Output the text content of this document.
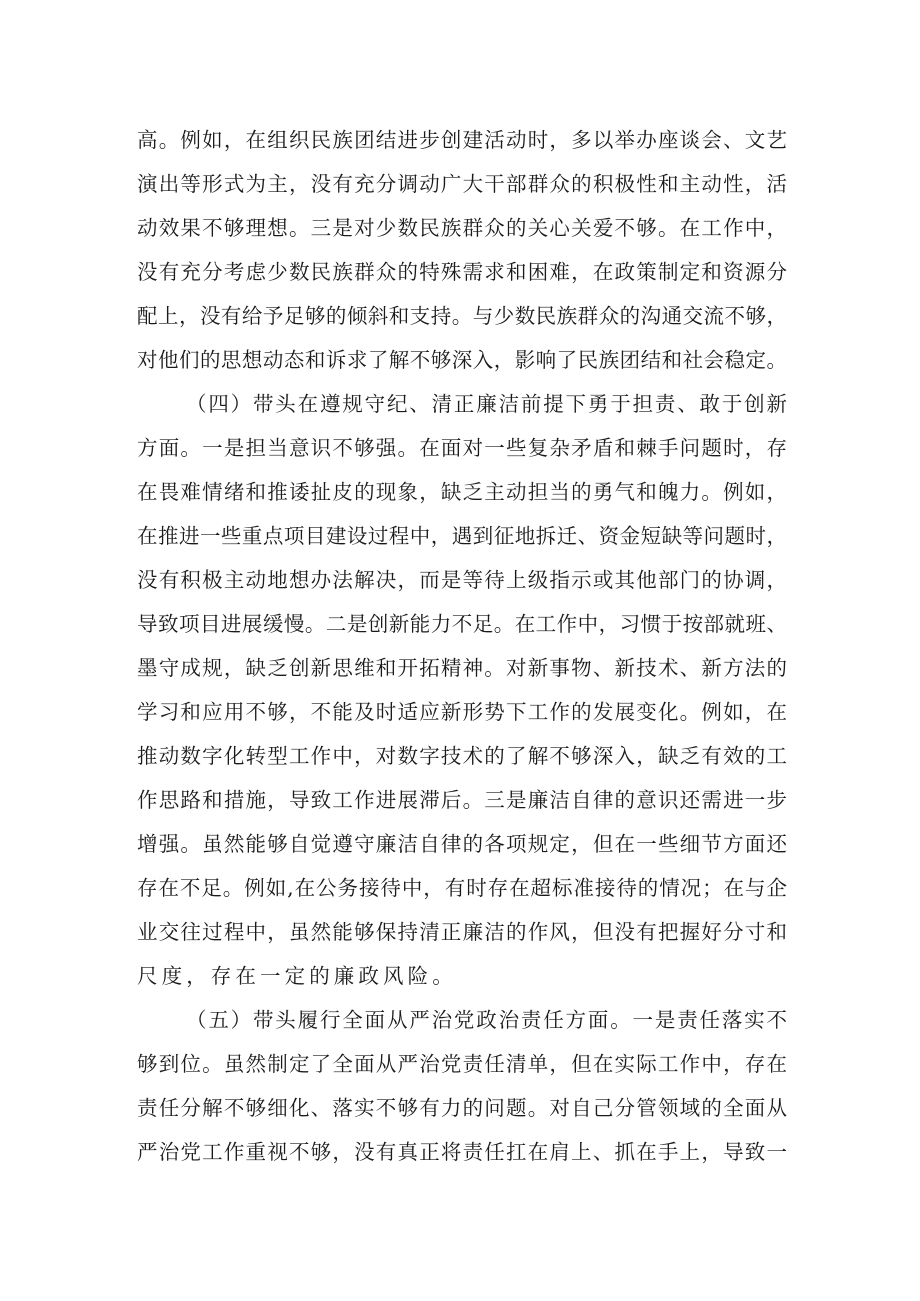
高。例如，在组织民族团结进步创建活动时，多以举办座谈会、文艺
演出等形式为主，没有充分调动广大干部群众的积极性和主动性，活
动效果不够理想。三是对少数民族群众的关心关爱不够。在工作中，
没有充分考虑少数民族群众的特殊需求和困难，在政策制定和资源分
配上，没有给予足够的倾斜和支持。与少数民族群众的沟通交流不够，
对他们的思想动态和诉求了解不够深入，影响了民族团结和社会稳定。
（四）带头在遵规守纪、清正廉洁前提下勇于担责、敢于创新
方面。一是担当意识不够强。在面对一些复杂矛盾和棘手问题时，存
在畏难情绪和推诿扯皮的现象，缺乏主动担当的勇气和魄力。例如，
在推进一些重点项目建设过程中，遇到征地拆迁、资金短缺等问题时，
没有积极主动地想办法解决，而是等待上级指示或其他部门的协调，
导致项目进展缓慢。二是创新能力不足。在工作中，习惯于按部就班、
墨守成规，缺乏创新思维和开拓精神。对新事物、新技术、新方法的
学习和应用不够，不能及时适应新形势下工作的发展变化。例如，在
推动数字化转型工作中，对数字技术的了解不够深入，缺乏有效的工
作思路和措施，导致工作进展滞后。三是廉洁自律的意识还需进一步
增强。虽然能够自觉遵守廉洁自律的各项规定，但在一些细节方面还
存在不足。例如,在公务接待中，有时存在超标准接待的情况；在与企
业交往过程中，虽然能够保持清正廉洁的作风，但没有把握好分寸和
尺度，存在一定的廉政风险。
（五）带头履行全面从严治党政治责任方面。一是责任落实不
够到位。虽然制定了全面从严治党责任清单，但在实际工作中，存在
责任分解不够细化、落实不够有力的问题。对自己分管领域的全面从
严治党工作重视不够，没有真正将责任扛在肩上、抓在手上，导致一
